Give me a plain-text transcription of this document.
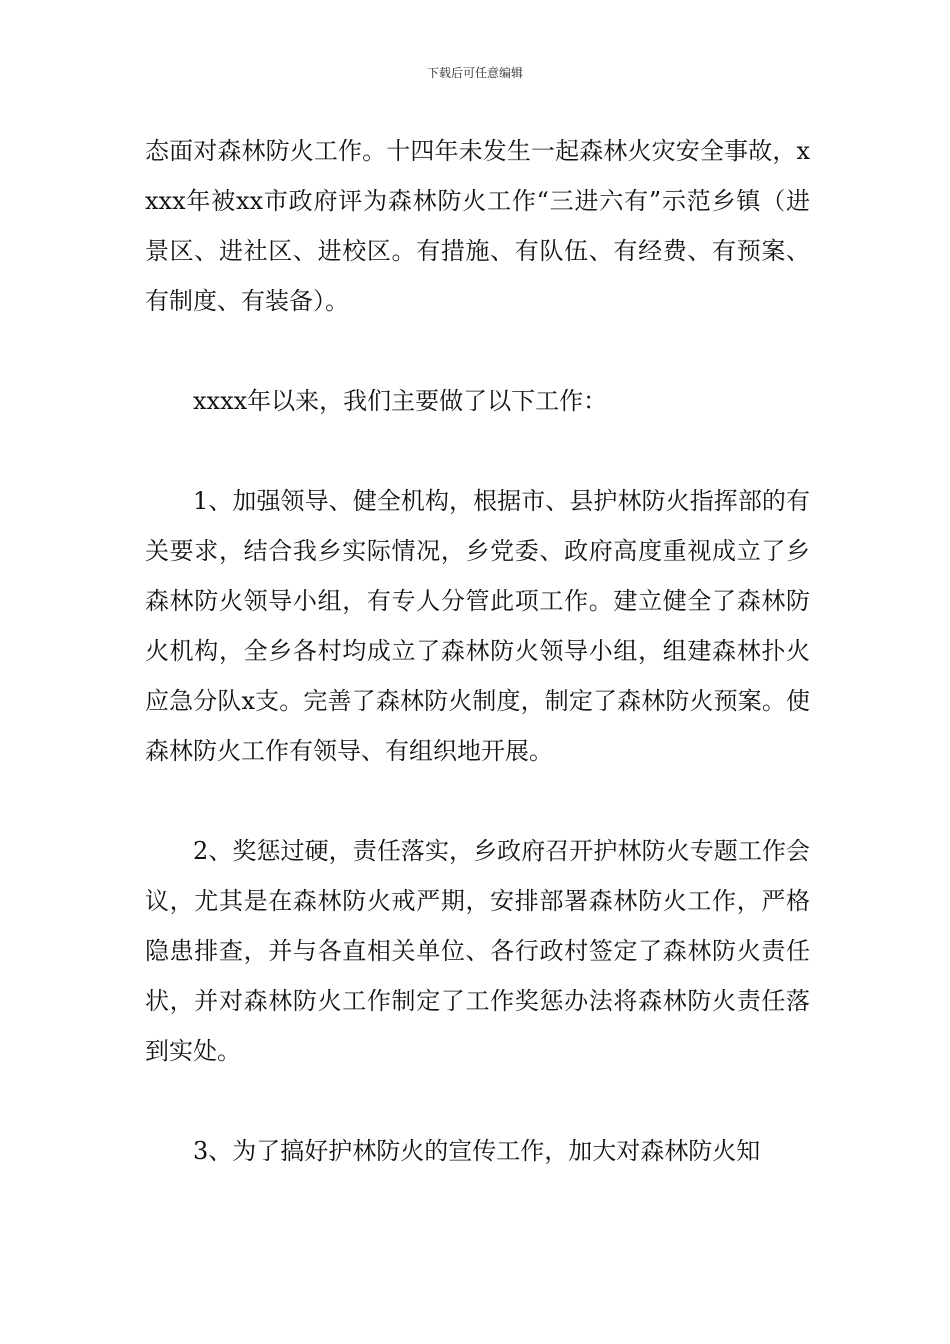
下载后可任意编辑

态面对森林防火工作。十四年未发生一起森林火灾安全事故，xxxx年被xx市政府评为森林防火工作“三进六有”示范乡镇（进景区、进社区、进校区。有措施、有队伍、有经费、有预案、有制度、有装备）。

xxxx年以来，我们主要做了以下工作：

1、加强领导、健全机构，根据市、县护林防火指挥部的有关要求，结合我乡实际情况，乡党委、政府高度重视成立了乡森林防火领导小组，有专人分管此项工作。建立健全了森林防火机构，全乡各村均成立了森林防火领导小组，组建森林扑火应急分队x支。完善了森林防火制度，制定了森林防火预案。使森林防火工作有领导、有组织地开展。

2、奖惩过硬，责任落实，乡政府召开护林防火专题工作会议，尤其是在森林防火戒严期，安排部署森林防火工作，严格隐患排查，并与各直相关单位、各行政村签定了森林防火责任状，并对森林防火工作制定了工作奖惩办法将森林防火责任落到实处。

3、为了搞好护林防火的宣传工作，加大对森林防火知
